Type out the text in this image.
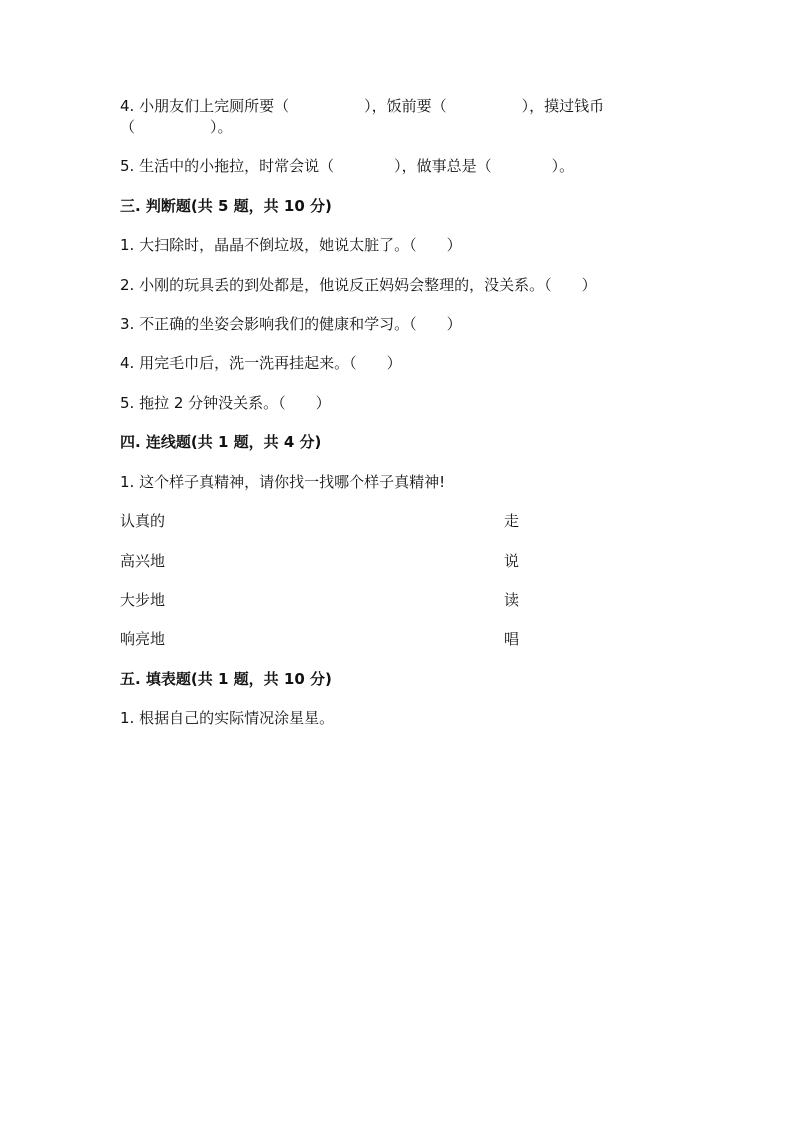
4. 小朋友们上完厕所要（　　　　　），饭前要（　　　　　），摸过钱币
（　　　　　）。
5. 生活中的小拖拉，时常会说（　　　　），做事总是（　　　　）。
三. 判断题(共 5 题，共 10 分)
1. 大扫除时，晶晶不倒垃圾，她说太脏了。（　　）
2. 小刚的玩具丢的到处都是，他说反正妈妈会整理的，没关系。（　　）
3. 不正确的坐姿会影响我们的健康和学习。（　　）
4. 用完毛巾后，洗一洗再挂起来。（　　）
5. 拖拉 2 分钟没关系。（　　）
四. 连线题(共 1 题，共 4 分)
1. 这个样子真精神，请你找一找哪个样子真精神!
认真的	走
高兴地	说
大步地	读
响亮地	唱
五. 填表题(共 1 题，共 10 分)
1. 根据自己的实际情况涂星星。
